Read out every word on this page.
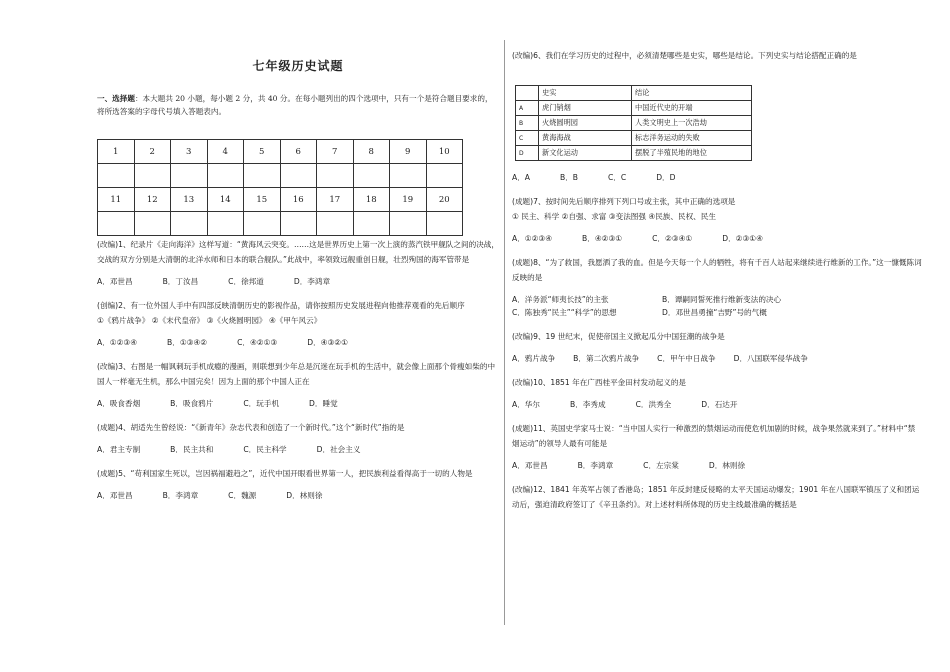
七年级历史试题
一、选择题：本大题共 20 小题，每小题 2 分，共 40 分。在每小题列出的四个选项中，只有一个是符合题目要求的，将所选答案的字母代号填入答题表内。
1	2	3	4	5	6	7	8	9	10

11	12	13	14	15	16	17	18	19	20

(改编)1、纪录片《走向海洋》这样写道：“黄海风云突变。……这是世界历史上第一次上演的蒸汽铁甲舰队之间的决战，交战的双方分别是大清朝的北洋水师和日本的联合舰队。”此战中，率领致远舰重创日舰，壮烈殉国的海军管带是
A．邓世昌	B．丁汝昌	C．徐邦道	D．李鸿章
(创编)2、有一位外国人手中有四部反映清朝历史的影视作品，请你按照历史发展进程向他推荐观看的先后顺序
①《鸦片战争》 ②《末代皇帝》 ③《火烧圆明园》 ④《甲午风云》
A．①②③④	B．①③④②	C．④②①③	D．④③②①
(改编)3、右图是一幅讽刺玩手机成瘾的漫画，则联想到少年总是沉迷在玩手机的生活中，就会像上面那个骨瘦如柴的中国人一样毫无生机，那么中国完矣！因为上面的那个中国人正在
A．吸食香烟	B．吸食鸦片	C．玩手机	D．睡觉
(成题)4、胡适先生曾经说：“《新青年》杂志代表和创造了一个新时代。”这个“新时代”指的是
A．君主专制	B．民主共和	C．民主科学	D．社会主义
(成题)5、“苟利国家生死以，岂因祸福避趋之”，近代中国开眼看世界第一人，把民族利益看得高于一切的人物是
A．邓世昌	B．李鸿章	C．魏源	D．林则徐
(改编)6、我们在学习历史的过程中，必须清楚哪些是史实，哪些是结论。下列史实与结论搭配正确的是
	史实	结论
A	虎门销烟	中国近代史的开端
B	火烧圆明园	人类文明史上一次浩劫
C	黄海海战	标志洋务运动的失败
D	新文化运动	摆脱了半殖民地的地位
A．A	B．B	C．C	D．D
(成题)7、按时间先后顺序排列下列口号或主张，其中正确的选项是
① 民主、科学 ②自强、求富 ③变法图强 ④民族、民权、民生
A．①②③④	B．④②③①	C．②③④①	D．②③①④
(成题)8、“为了救国，我愿洒了我的血。但是今天每一个人的牺牲，将有千百人站起来继续进行维新的工作。”这一慷慨陈词反映的是
A．洋务派“师夷长技”的主张	B．谭嗣同誓死推行维新变法的决心
C．陈独秀“民主”“科学”的思想	D．邓世昌勇撞“吉野”号的气概
(改编)9、19 世纪末，促使帝国主义掀起瓜分中国狂潮的战争是
A．鸦片战争 B．第二次鸦片战争 C．甲午中日战争 D．八国联军侵华战争
(改编)10、1851 年在广西桂平金田村发动起义的是
A．华尔	B．李秀成	C．洪秀全	D．石达开
(成题)11、英国史学家马士说：“当中国人实行一种激烈的禁烟运动而使危机加剧的时候，战争果然就来到了。”材料中“禁烟运动”的领导人最有可能是
A．邓世昌	B．李鸿章	C．左宗棠	D．林则徐
(改编)12、1841 年英军占领了香港岛；1851 年反封建反侵略的太平天国运动爆发；1901 年在八国联军镇压了义和团运动后，强迫清政府签订了《辛丑条约》。对上述材料所体现的历史主线最准确的概括是
